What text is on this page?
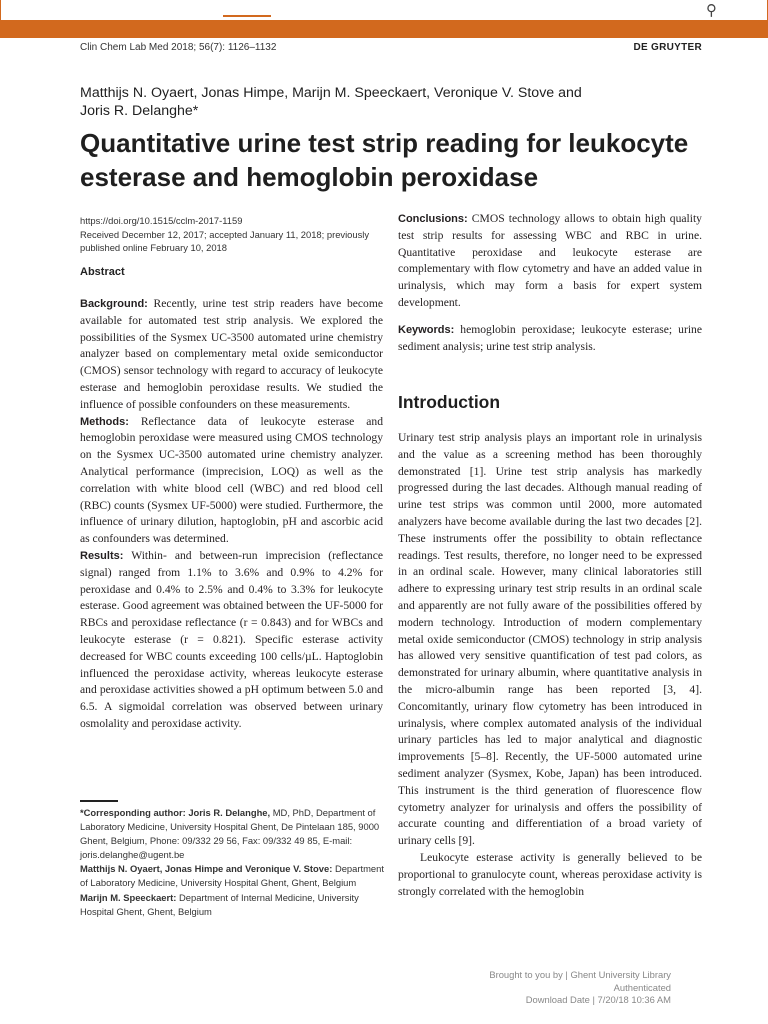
⚲
Clin Chem Lab Med 2018; 56(7): 1126–1132	DE GRUYTER
Matthijs N. Oyaert, Jonas Himpe, Marijn M. Speeckaert, Veronique V. Stove and Joris R. Delanghe*
Quantitative urine test strip reading for leukocyte esterase and hemoglobin peroxidase
https://doi.org/10.1515/cclm-2017-1159
Received December 12, 2017; accepted January 11, 2018; previously published online February 10, 2018
Abstract

Background: Recently, urine test strip readers have become available for automated test strip analysis. We explored the possibilities of the Sysmex UC-3500 automated urine chemistry analyzer based on complementary metal oxide semiconductor (CMOS) sensor technology with regard to accuracy of leukocyte esterase and hemoglobin peroxidase results. We studied the influence of possible confounders on these measurements.

Methods: Reflectance data of leukocyte esterase and hemoglobin peroxidase were measured using CMOS technology on the Sysmex UC-3500 automated urine chemistry analyzer. Analytical performance (imprecision, LOQ) as well as the correlation with white blood cell (WBC) and red blood cell (RBC) counts (Sysmex UF-5000) were studied. Furthermore, the influence of urinary dilution, haptoglobin, pH and ascorbic acid as confounders was determined.

Results: Within- and between-run imprecision (reflectance signal) ranged from 1.1% to 3.6% and 0.9% to 4.2% for peroxidase and 0.4% to 2.5% and 0.4% to 3.3% for leukocyte esterase. Good agreement was obtained between the UF-5000 for RBCs and peroxidase reflectance (r = 0.843) and for WBCs and leukocyte esterase (r = 0.821). Specific esterase activity decreased for WBC counts exceeding 100 cells/µL. Haptoglobin influenced the peroxidase activity, whereas leukocyte esterase and peroxidase activities showed a pH optimum between 5.0 and 6.5. A sigmoidal correlation was observed between urinary osmolality and peroxidase activity.

Conclusions: CMOS technology allows to obtain high quality test strip results for assessing WBC and RBC in urine. Quantitative peroxidase and leukocyte esterase are complementary with flow cytometry and have an added value in urinalysis, which may form a basis for expert system development.

Keywords: hemoglobin peroxidase; leukocyte esterase; urine sediment analysis; urine test strip analysis.

Introduction

Urinary test strip analysis plays an important role in urinalysis and the value as a screening method has been thoroughly demonstrated [1]. Urine test strip analysis has markedly progressed during the last decades. Although manual reading of urine test strips was common until 2000, more automated analyzers have become available during the last two decades [2]. These instruments offer the possibility to obtain reflectance readings. Test results, therefore, no longer need to be expressed in an ordinal scale. However, many clinical laboratories still adhere to expressing urinary test strip results in an ordinal scale and apparently are not fully aware of the possibilities offered by modern technology. Introduction of modern complementary metal oxide semiconductor (CMOS) technology in strip analysis has allowed very sensitive quantification of test pad colors, as demonstrated for urinary albumin, where quantitative analysis in the micro-albumin range has been reported [3, 4]. Concomitantly, urinary flow cytometry has been introduced in urinalysis, where complex automated analysis of the individual urinary particles has led to major analytical and diagnostic improvements [5–8]. Recently, the UF-5000 automated urine sediment analyzer (Sysmex, Kobe, Japan) has been introduced. This instrument is the third generation of fluorescence flow cytometry analyzer for urinalysis and offers the possibility of accurate counting and differentiation of a broad variety of urinary cells [9].

Leukocyte esterase activity is generally believed to be proportional to granulocyte count, whereas peroxidase activity is strongly correlated with the hemoglobin

*Corresponding author: Joris R. Delanghe, MD, PhD, Department of Laboratory Medicine, University Hospital Ghent, De Pintelaan 185, 9000 Ghent, Belgium, Phone: 09/332 29 56, Fax: 09/332 49 85, E-mail: joris.delanghe@ugent.be

Matthijs N. Oyaert, Jonas Himpe and Veronique V. Stove: Department of Laboratory Medicine, University Hospital Ghent, Ghent, Belgium

Marijn M. Speeckaert: Department of Internal Medicine, University Hospital Ghent, Ghent, Belgium

Brought to you by | Ghent University Library
Authenticated
Download Date | 7/20/18 10:36 AM
